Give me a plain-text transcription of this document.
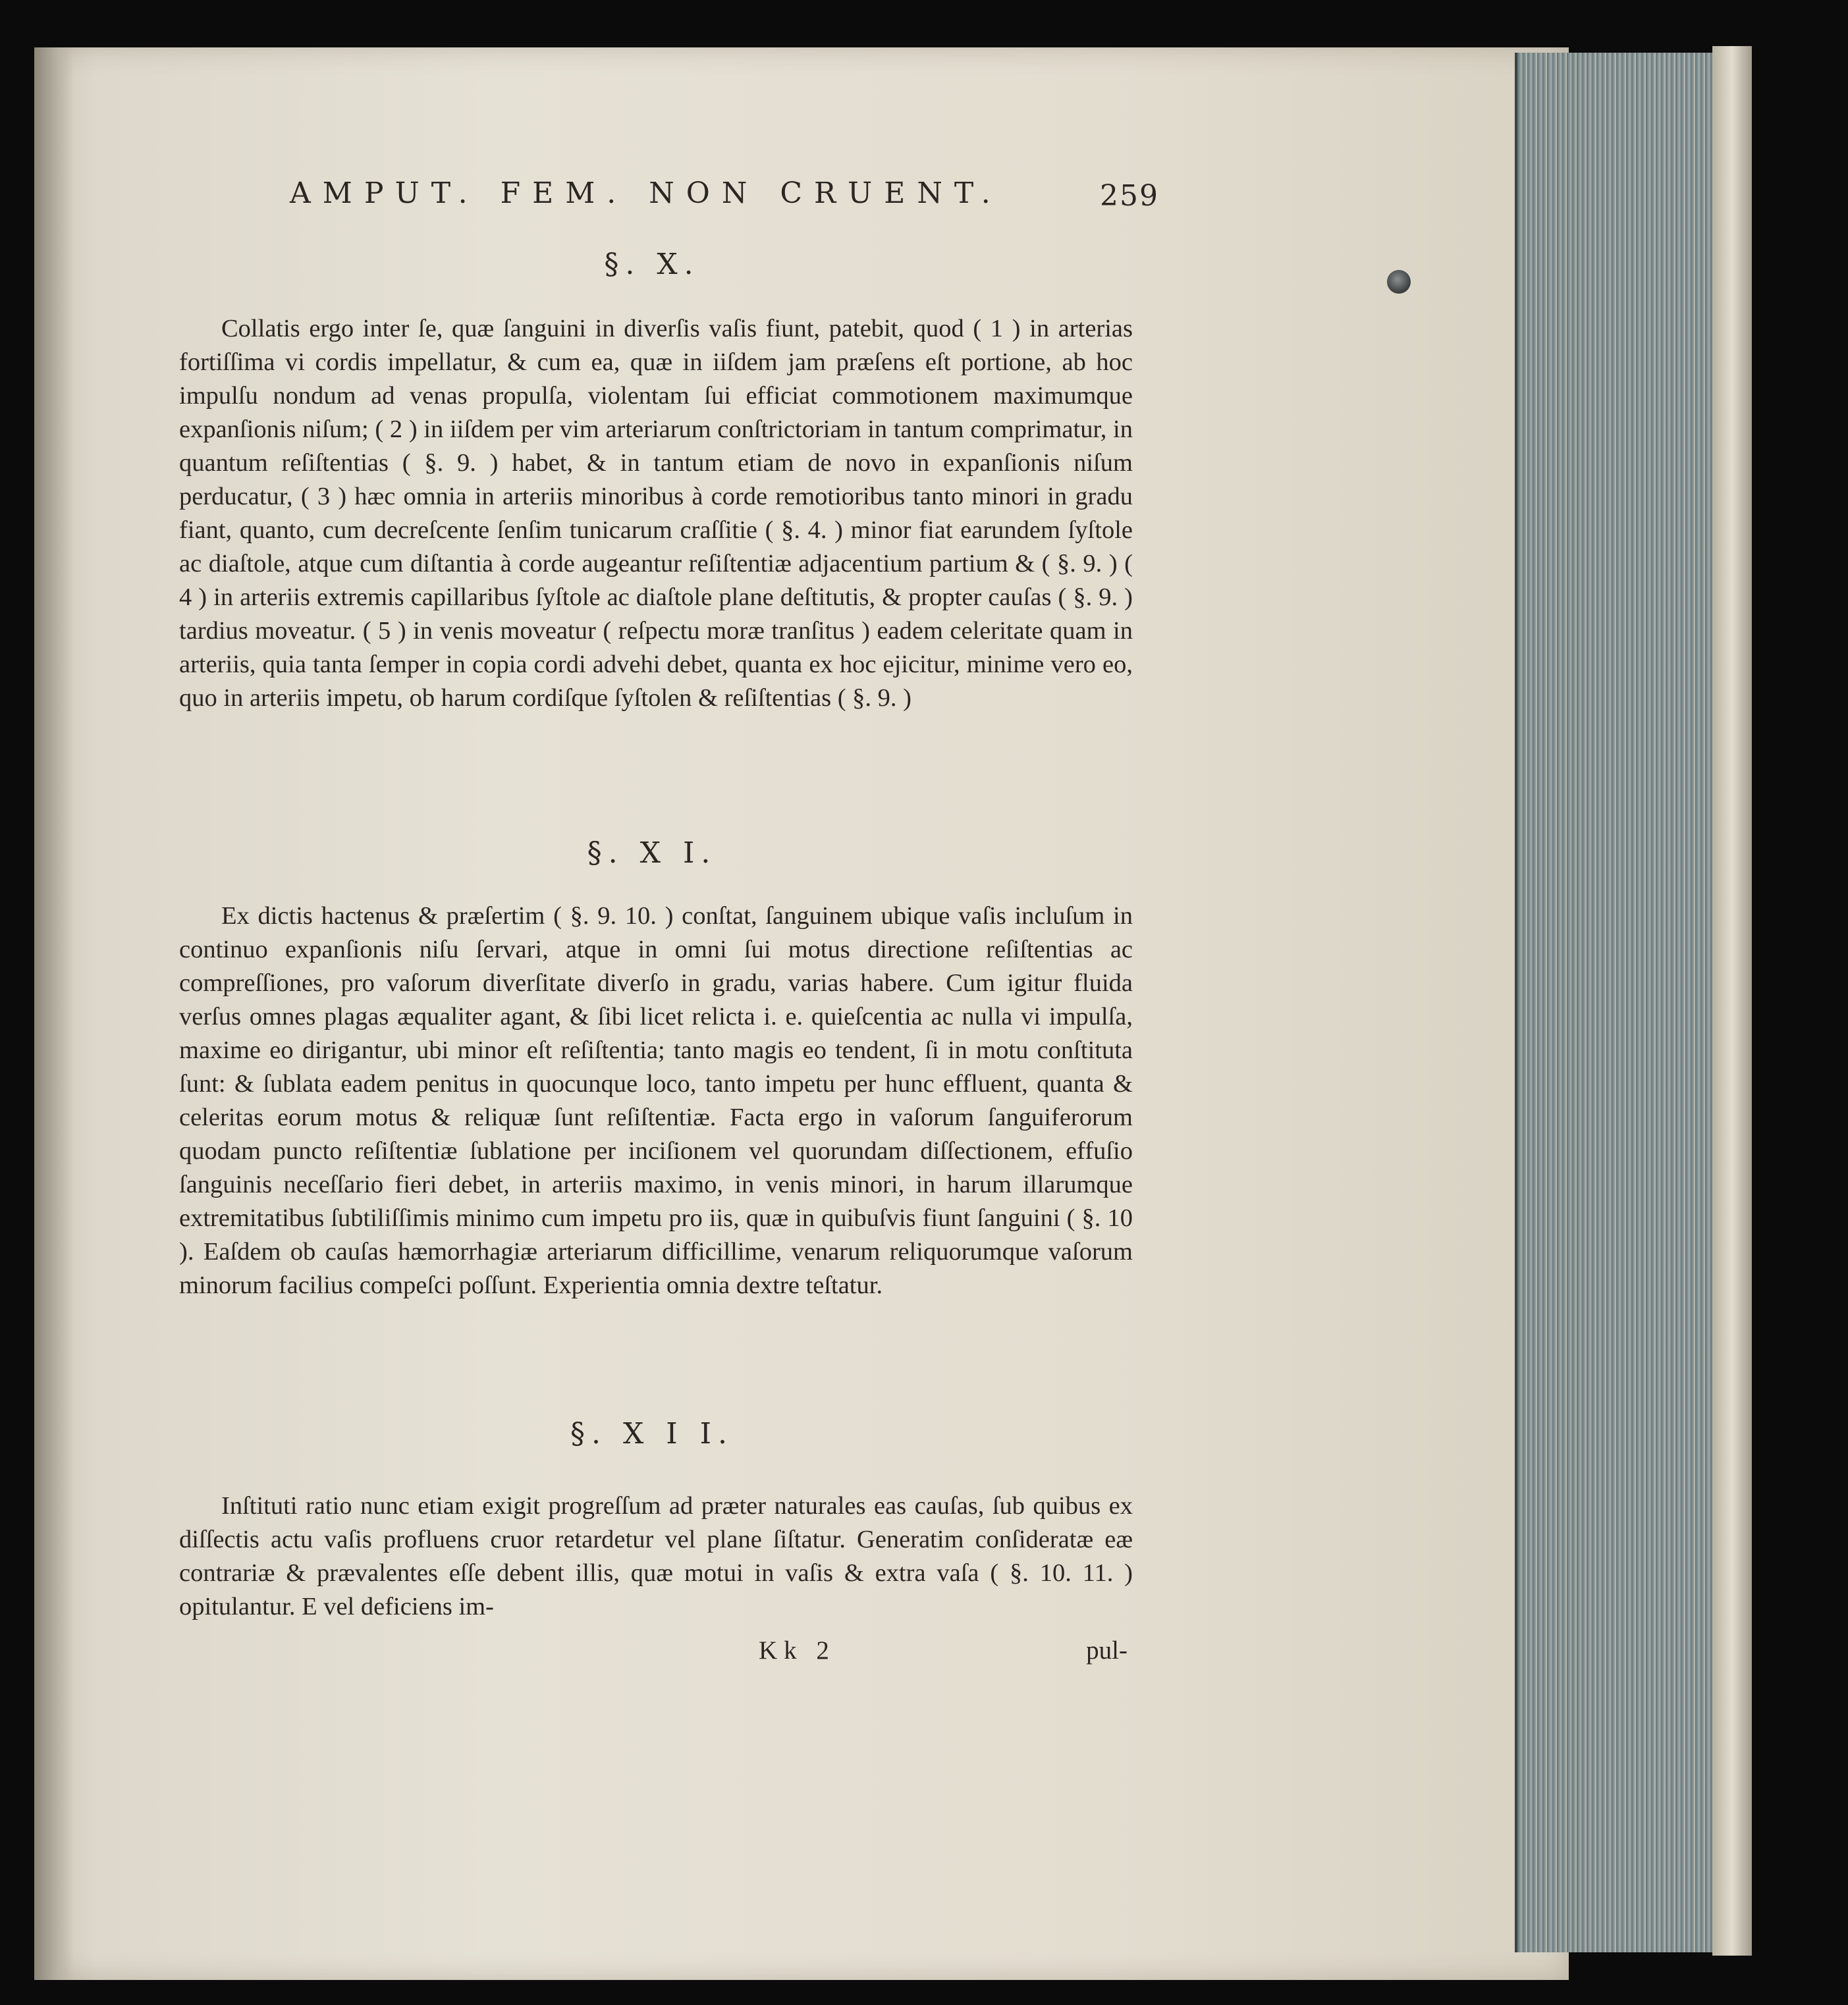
AMPUT. FEM. NON CRUENT.	259
§. X.

Collatis ergo inter ſe, quæ ſanguini in diverſis vaſis fiunt, patebit, quod ( 1 ) in arterias fortiſſima vi cordis impellatur, & cum ea, quæ in iiſdem jam præſens eſt portione, ab hoc impulſu nondum ad venas propulſa, violentam ſui efficiat commotionem maximumque expanſionis niſum; ( 2 ) in iiſdem per vim arteriarum conſtrictoriam in tantum comprimatur, in quantum reſiſtentias ( §. 9. ) habet, & in tantum etiam de novo in expanſionis niſum perducatur, ( 3 ) hæc omnia in arteriis minoribus à corde remotioribus tanto minori in gradu fiant, quanto, cum decreſcente ſenſim tunicarum craſſitie ( §. 4. ) minor fiat earundem ſyſtole ac diaſtole, atque cum diſtantia à corde augeantur reſiſtentiæ adjacentium partium & ( §. 9. ) ( 4 ) in arteriis extremis capillaribus ſyſtole ac diaſtole plane deſtitutis, & propter cauſas ( §. 9. ) tardius moveatur. ( 5 ) in venis moveatur ( reſpectu moræ tranſitus ) eadem celeritate quam in arteriis, quia tanta ſemper in copia cordi advehi debet, quanta ex hoc ejicitur, minime vero eo, quo in arteriis impetu, ob harum cordiſque ſyſtolen & reſiſtentias ( §. 9. )

§. X I.

Ex dictis hactenus & præſertim ( §. 9. 10. ) conſtat, ſanguinem ubique vaſis incluſum in continuo expanſionis niſu ſervari, atque in omni ſui motus directione reſiſtentias ac compreſſiones, pro vaſorum diverſitate diverſo in gradu, varias habere. Cum igitur fluida verſus omnes plagas æqualiter agant, & ſibi licet relicta i. e. quieſcentia ac nulla vi impulſa, maxime eo dirigantur, ubi minor eſt reſiſtentia; tanto magis eo tendent, ſi in motu conſtituta ſunt: & ſublata eadem penitus in quocunque loco, tanto impetu per hunc effluent, quanta & celeritas eorum motus & reliquæ ſunt reſiſtentiæ. Facta ergo in vaſorum ſanguiferorum quodam puncto reſiſtentiæ ſublatione per inciſionem vel quorundam diſſectionem, effuſio ſanguinis neceſſario fieri debet, in arteriis maximo, in venis minori, in harum illarumque extremitatibus ſubtiliſſimis minimo cum impetu pro iis, quæ in quibuſvis fiunt ſanguini ( §. 10 ). Eaſdem ob cauſas hæmorrhagiæ arteriarum difficillime, venarum reliquorumque vaſorum minorum facilius compeſci poſſunt. Experientia omnia dextre teſtatur.

§. X I I.

Inſtituti ratio nunc etiam exigit progreſſum ad præter naturales eas cauſas, ſub quibus ex diſſectis actu vaſis profluens cruor retardetur vel plane ſiſtatur. Generatim conſideratæ eæ contrariæ & prævalentes eſſe debent illis, quæ motui in vaſis & extra vaſa ( §. 10. 11. ) opitulantur. E vel deficiens im-

Kk 2	pul-
